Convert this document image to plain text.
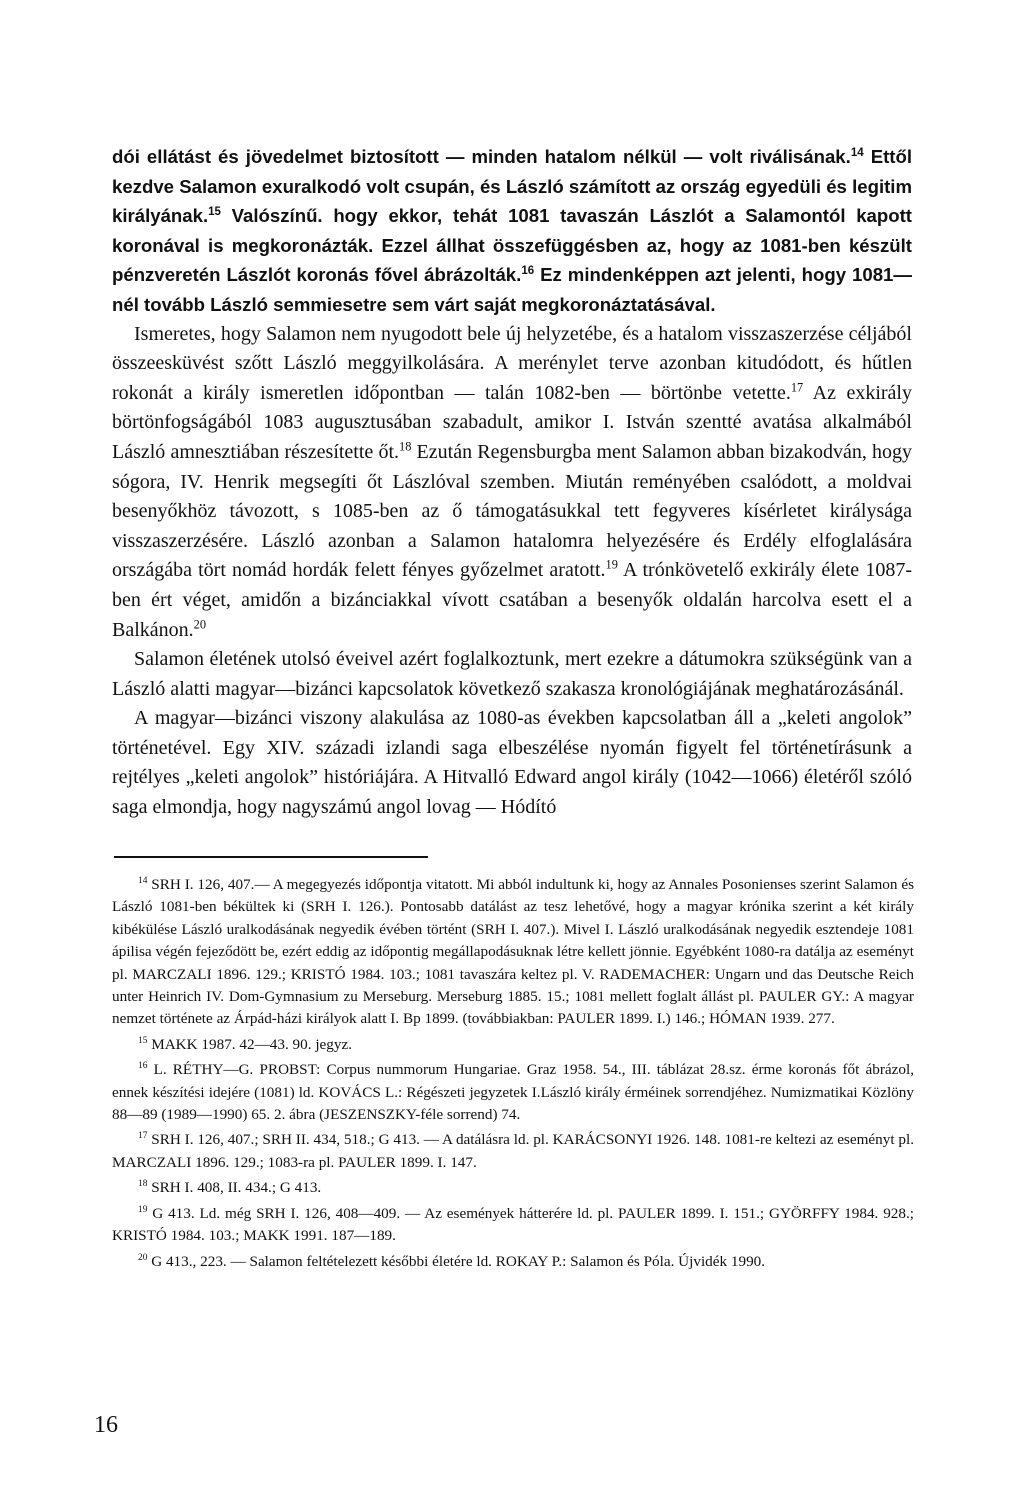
dói ellátást és jövedelmet biztosított — minden hatalom nélkül — volt riválisának.$^{14}$ Ettől kezdve Salamon exuralkodó volt csupán, és László számított az ország egyedüli és legitim királyának.$^{15}$ Valószínű. hogy ekkor, tehát 1081 tavaszán Lászlót a Salamontól kapott koronával is megkoronázták. Ezzel állhat összefüggésben az, hogy az 1081-ben készült pénzveretén Lászlót koronás fővel ábrázolták.$^{16}$ Ez mindenképpen azt jelenti, hogy 1081—nél tovább László semmiesetre sem várt saját megkoronáztatásával.

Ismeretes, hogy Salamon nem nyugodott bele új helyzetébe, és a hatalom visszaszerzése céljából összeesküvést szőtt László meggyilkolására. A merénylet terve azonban kitudódott, és hűtlen rokonát a király ismeretlen időpontban — talán 1082-ben — börtönbe vetette.$^{17}$ Az exkirály börtönfogságából 1083 augusztusában szabadult, amikor I. István szentté avatása alkalmából László amnesztiában részesítette őt.$^{18}$ Ezután Regensburgba ment Salamon abban bizakodván, hogy sógora, IV. Henrik megsegíti őt Lászlóval szemben. Miután reményében csalódott, a moldvai besenyőkhöz távozott, s 1085-ben az ő támogatásukkal tett fegyveres kísérletet királysága visszaszerzésére. László azonban a Salamon hatalomra helyezésére és Erdély elfoglalására országába tört nomád hordák felett fényes győzelmet aratott.$^{19}$ A trónkövetelő exkirály élete 1087-ben ért véget, amidőn a bizánciakkal vívott csatában a besenyők oldalán harcolva esett el a Balkánon.$^{20}$

Salamon életének utolsó éveivel azért foglalkoztunk, mert ezekre a dátumokra szükségünk van a László alatti magyar—bizánci kapcsolatok következő szakasza kronológiájának meghatározásánál.

A magyar—bizánci viszony alakulása az 1080-as években kapcsolatban áll a „keleti angolok” történetével. Egy XIV. századi izlandi saga elbeszélése nyomán figyelt fel történetírásunk a rejtélyes „keleti angolok” históriájára. A Hitvalló Edward angol király (1042—1066) életéről szóló saga elmondja, hogy nagyszámú angol lovag — Hódító

$^{14}$ SRH I. 126, 407.— A megegyezés időpontja vitatott. Mi abból indultunk ki, hogy az Annales Posonienses szerint Salamon és László 1081-ben békültek ki (SRH I. 126.). Pontosabb datálást az tesz lehetővé, hogy a magyar krónika szerint a két király kibékülése László uralkodásának negyedik évében történt (SRH I. 407.). Mivel I. László uralkodásának negyedik esztendeje 1081 ápilisa végén fejeződött be, ezért eddig az időpontig megállapodásuknak létre kellett jönnie. Egyébként 1080-ra datálja az eseményt pl. MARCZALI 1896. 129.; KRISTÓ 1984. 103.; 1081 tavaszára keltez pl. V. RADEMACHER: Ungarn und das Deutsche Reich unter Heinrich IV. Dom-Gymnasium zu Merseburg. Merseburg 1885. 15.; 1081 mellett foglalt állást pl. PAULER GY.: A magyar nemzet története az Árpád-házi királyok alatt I. Bp 1899. (továbbiakban: PAULER 1899. I.) 146.; HÓMAN 1939. 277.

$^{15}$ MAKK 1987. 42—43. 90. jegyz.

$^{16}$ L. RÉTHY—G. PROBST: Corpus nummorum Hungariae. Graz 1958. 54., III. táblázat 28.sz. érme koronás főt ábrázol, ennek készítési idejére (1081) ld. KOVÁCS L.: Régészeti jegyzetek I.László király érméinek sorrendjéhez. Numizmatikai Közlöny 88—89 (1989—1990) 65. 2. ábra (JESZENSZKY-féle sorrend) 74.

$^{17}$ SRH I. 126, 407.; SRH II. 434, 518.; G 413. — A datálásra ld. pl. KARÁCSONYI 1926. 148. 1081-re keltezi az eseményt pl. MARCZALI 1896. 129.; 1083-ra pl. PAULER 1899. I. 147.

$^{18}$ SRH I. 408, II. 434.; G 413.

$^{19}$ G 413. Ld. még SRH I. 126, 408—409. — Az események hátterére ld. pl. PAULER 1899. I. 151.; GYÖRFFY 1984. 928.; KRISTÓ 1984. 103.; MAKK 1991. 187—189.

$^{20}$ G 413., 223. — Salamon feltételezett későbbi életére ld. ROKAY P.: Salamon és Póla. Újvidék 1990.

16
